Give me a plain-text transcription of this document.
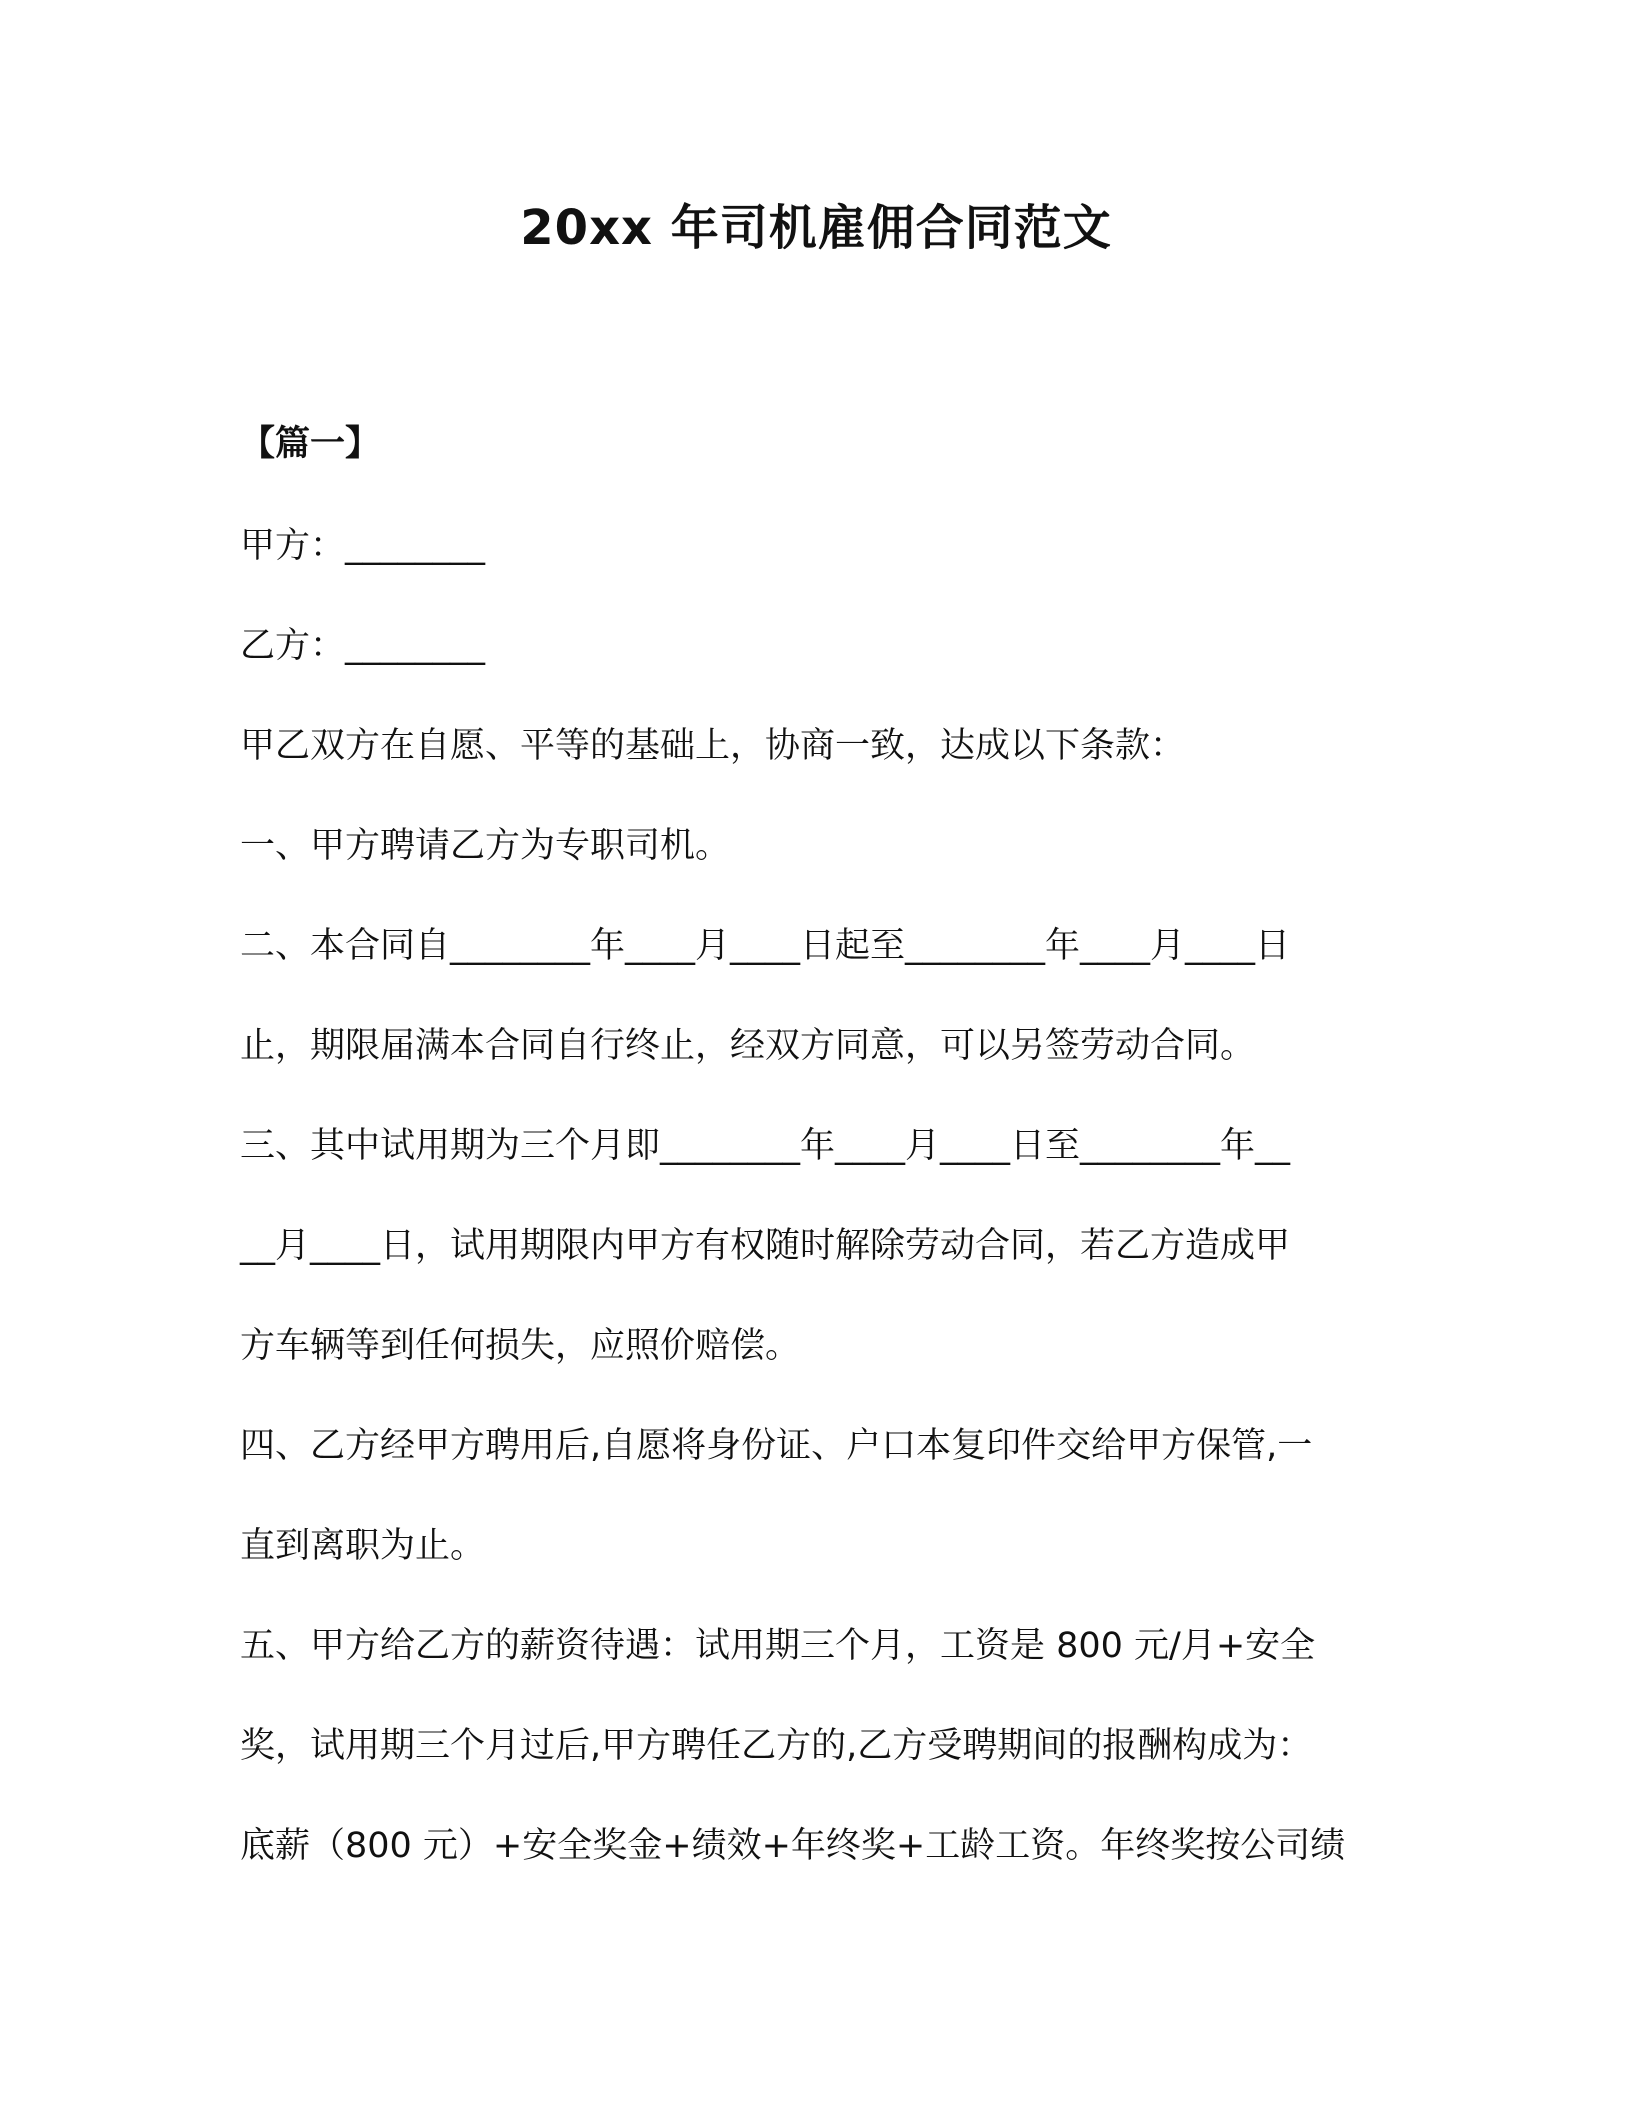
20xx 年司机雇佣合同范文
【篇一】
甲方：________
乙方：________
甲乙双方在自愿、平等的基础上，协商一致，达成以下条款：
一、甲方聘请乙方为专职司机。
二、本合同自________年____月____日起至________年____月____日
止，期限届满本合同自行终止，经双方同意，可以另签劳动合同。
三、其中试用期为三个月即________年____月____日至________年__
__月____日，试用期限内甲方有权随时解除劳动合同，若乙方造成甲
方车辆等到任何损失，应照价赔偿。
四、乙方经甲方聘用后,自愿将身份证、户口本复印件交给甲方保管,一
直到离职为止。
五、甲方给乙方的薪资待遇：试用期三个月，工资是 800 元/月+安全
奖，试用期三个月过后,甲方聘任乙方的,乙方受聘期间的报酬构成为：
底薪（800 元）+安全奖金+绩效+年终奖+工龄工资。年终奖按公司绩
